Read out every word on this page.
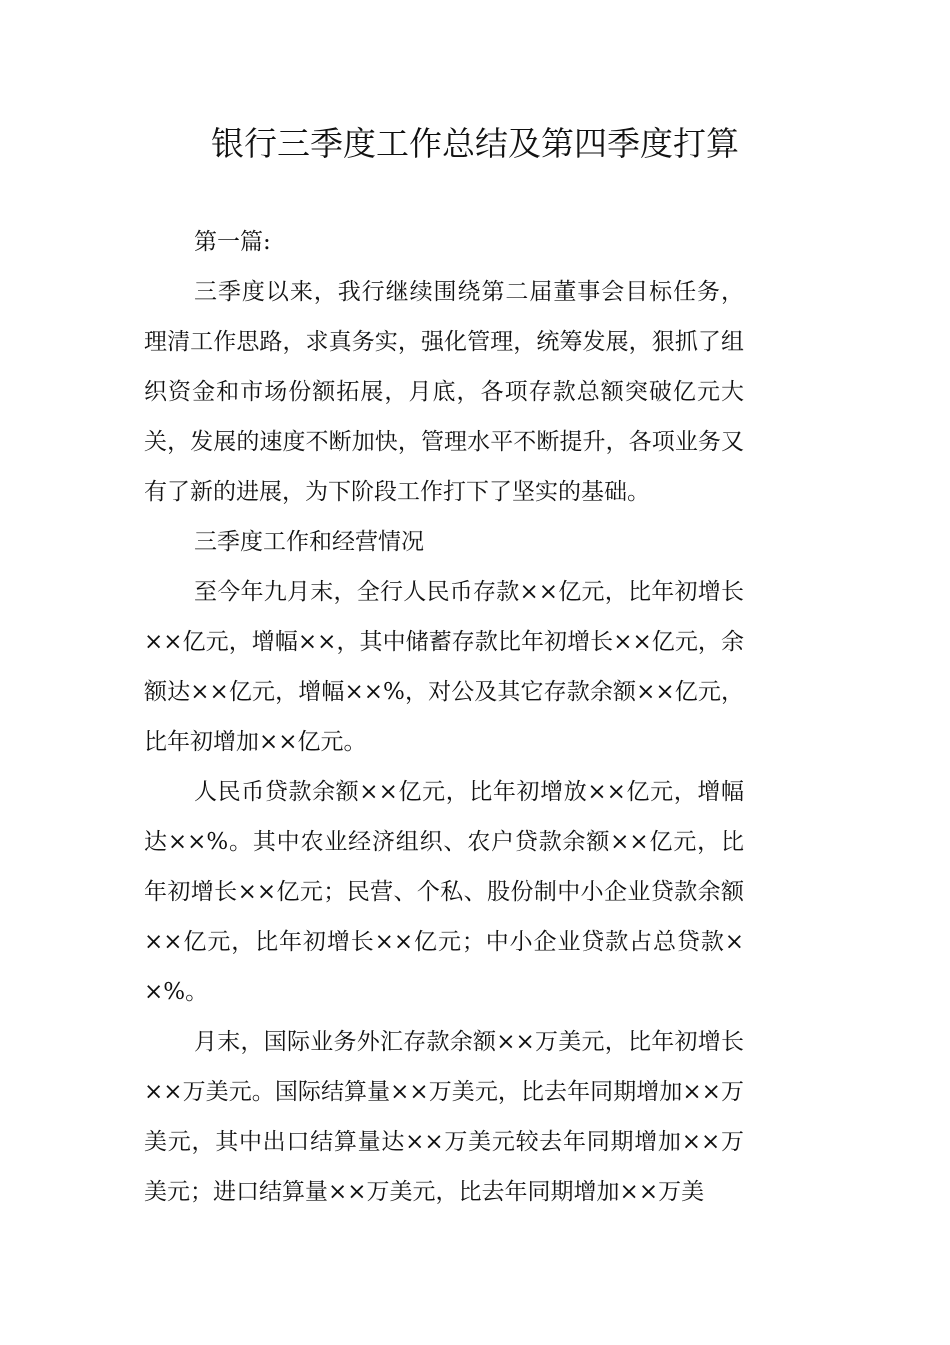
银行三季度工作总结及第四季度打算

第一篇:

三季度以来，我行继续围绕第二届董事会目标任务，理清工作思路，求真务实，强化管理，统筹发展，狠抓了组织资金和市场份额拓展，月底，各项存款总额突破亿元大关，发展的速度不断加快，管理水平不断提升，各项业务又有了新的进展，为下阶段工作打下了坚实的基础。

三季度工作和经营情况

至今年九月末，全行人民币存款××亿元，比年初增长××亿元，增幅××，其中储蓄存款比年初增长××亿元，余额达××亿元，增幅××%，对公及其它存款余额××亿元，比年初增加××亿元。

人民币贷款余额××亿元，比年初增放××亿元，增幅达××%。其中农业经济组织、农户贷款余额××亿元，比年初增长××亿元；民营、个私、股份制中小企业贷款余额××亿元，比年初增长××亿元；中小企业贷款占总贷款××%。

月末，国际业务外汇存款余额××万美元，比年初增长××万美元。国际结算量××万美元，比去年同期增加××万美元，其中出口结算量达××万美元较去年同期增加××万美元；进口结算量××万美元，比去年同期增加××万美
